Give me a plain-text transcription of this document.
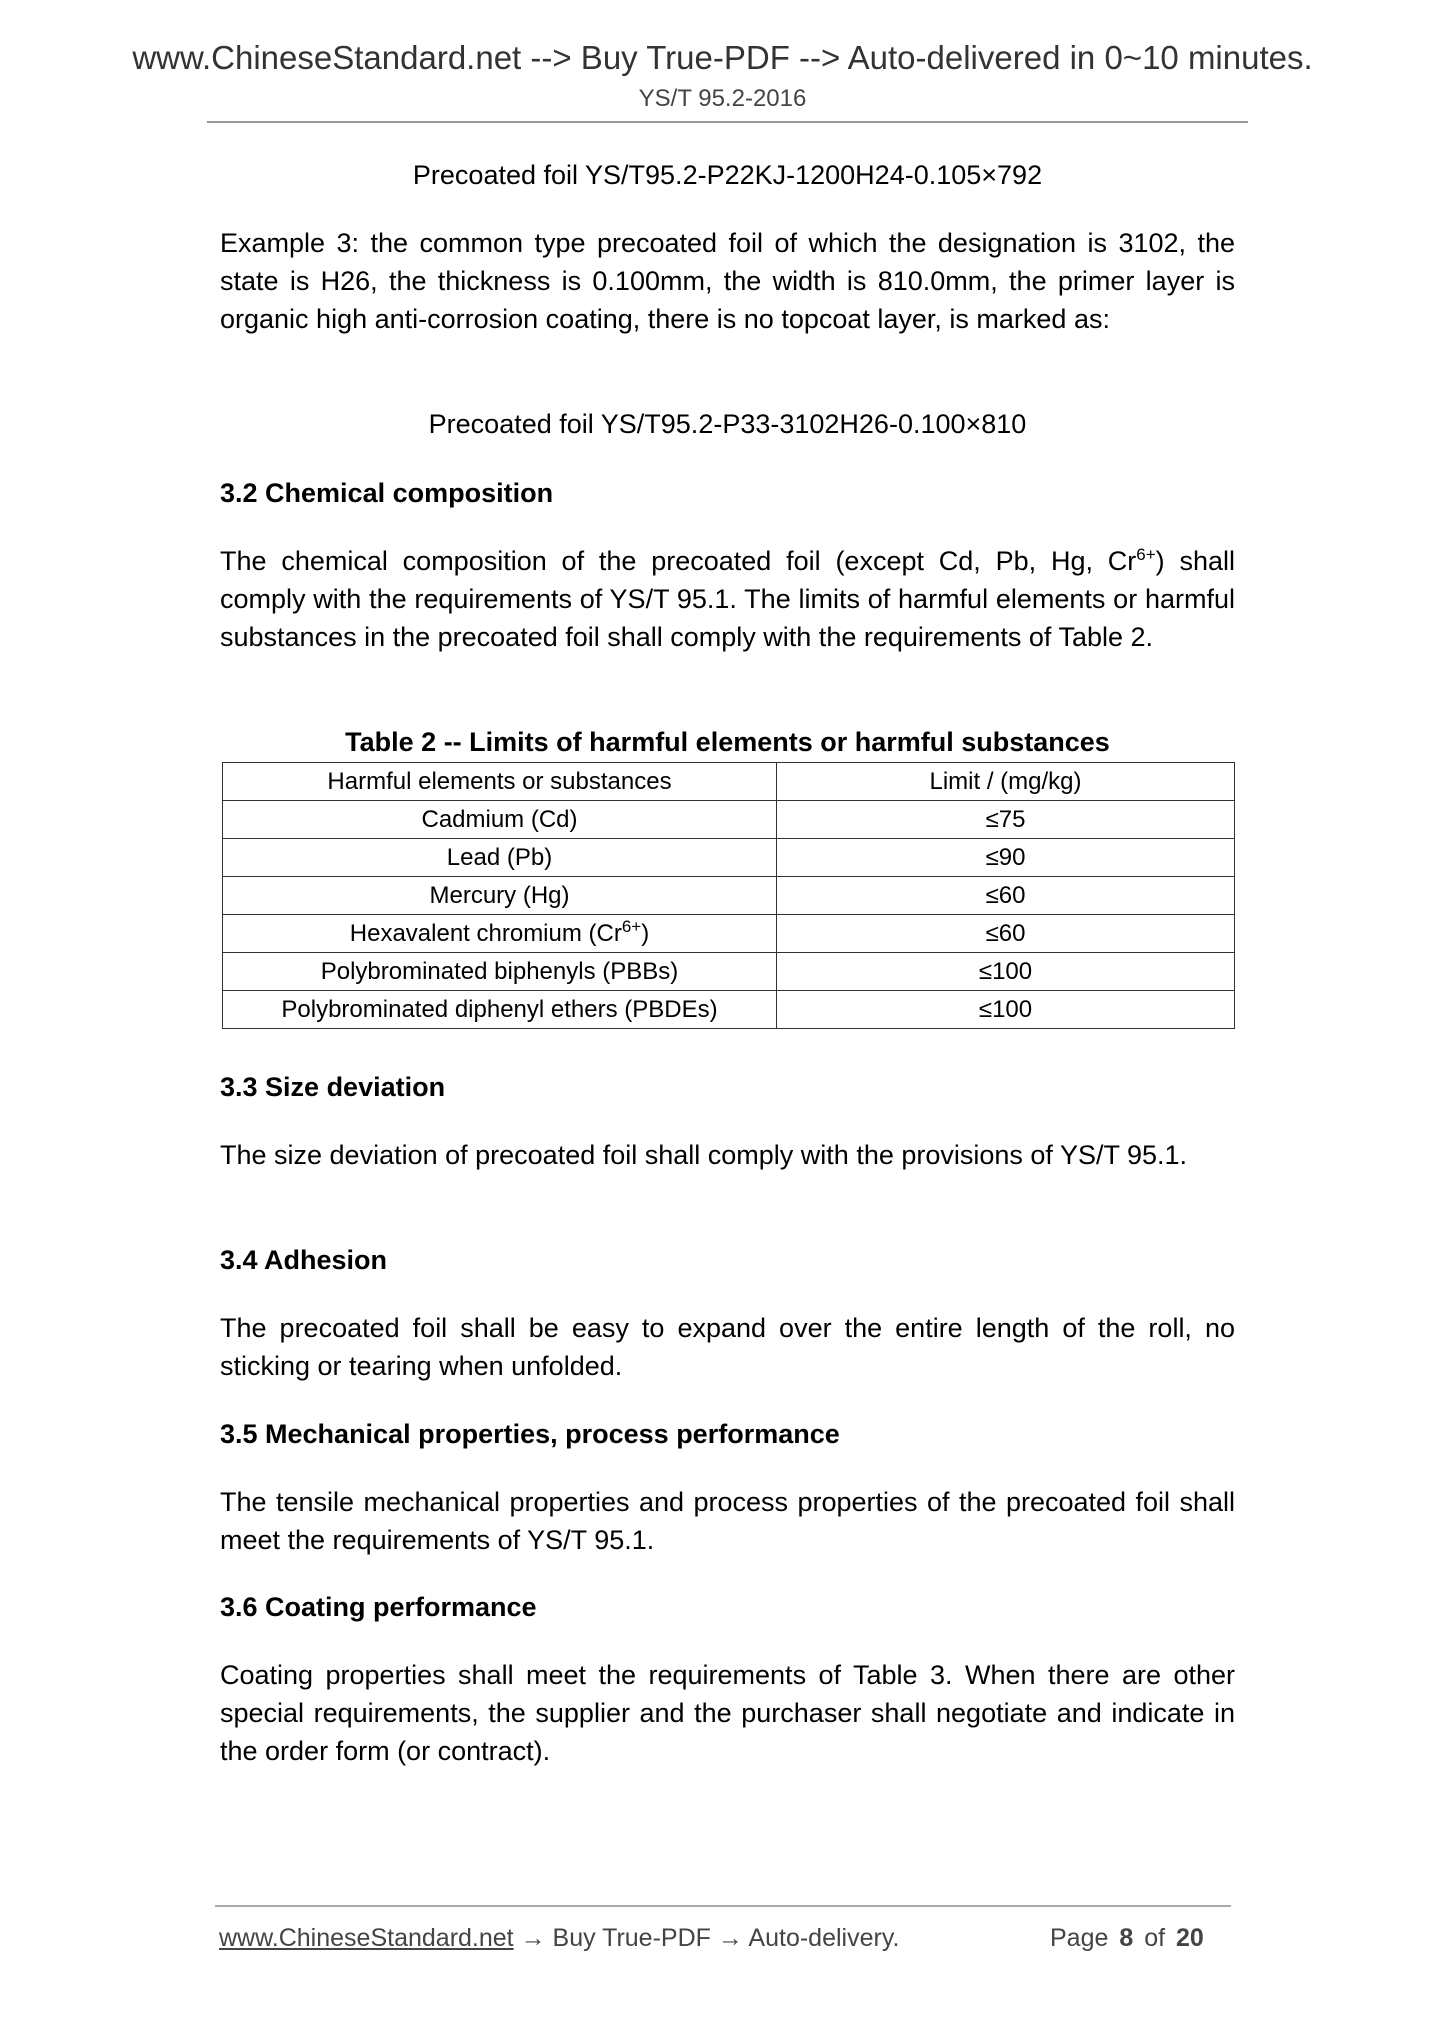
www.ChineseStandard.net --> Buy True-PDF --> Auto-delivered in 0~10 minutes.
YS/T 95.2-2016
Precoated foil YS/T95.2-P22KJ-1200H24-0.105×792
Example 3: the common type precoated foil of which the designation is 3102, the state is H26, the thickness is 0.100mm, the width is 810.0mm, the primer layer is organic high anti-corrosion coating, there is no topcoat layer, is marked as:
Precoated foil YS/T95.2-P33-3102H26-0.100×810
3.2 Chemical composition
The chemical composition of the precoated foil (except Cd, Pb, Hg, $Cr^{6+}$) shall comply with the requirements of YS/T 95.1. The limits of harmful elements or harmful substances in the precoated foil shall comply with the requirements of Table 2.
Table 2 -- Limits of harmful elements or harmful substances
Harmful elements or substances	Limit / (mg/kg)
Cadmium (Cd)	≤75
Lead (Pb)	≤90
Mercury (Hg)	≤60
Hexavalent chromium $(Cr^{6+})$	≤60
Polybrominated biphenyls (PBBs)	≤100
Polybrominated diphenyl ethers (PBDEs)	≤100
3.3 Size deviation
The size deviation of precoated foil shall comply with the provisions of YS/T 95.1.
3.4 Adhesion
The precoated foil shall be easy to expand over the entire length of the roll, no sticking or tearing when unfolded.
3.5 Mechanical properties, process performance
The tensile mechanical properties and process properties of the precoated foil shall meet the requirements of YS/T 95.1.
3.6 Coating performance
Coating properties shall meet the requirements of Table 3. When there are other special requirements, the supplier and the purchaser shall negotiate and indicate in the order form (or contract).
www.ChineseStandard.net → Buy True-PDF → Auto-delivery.	Page 8 of 20
